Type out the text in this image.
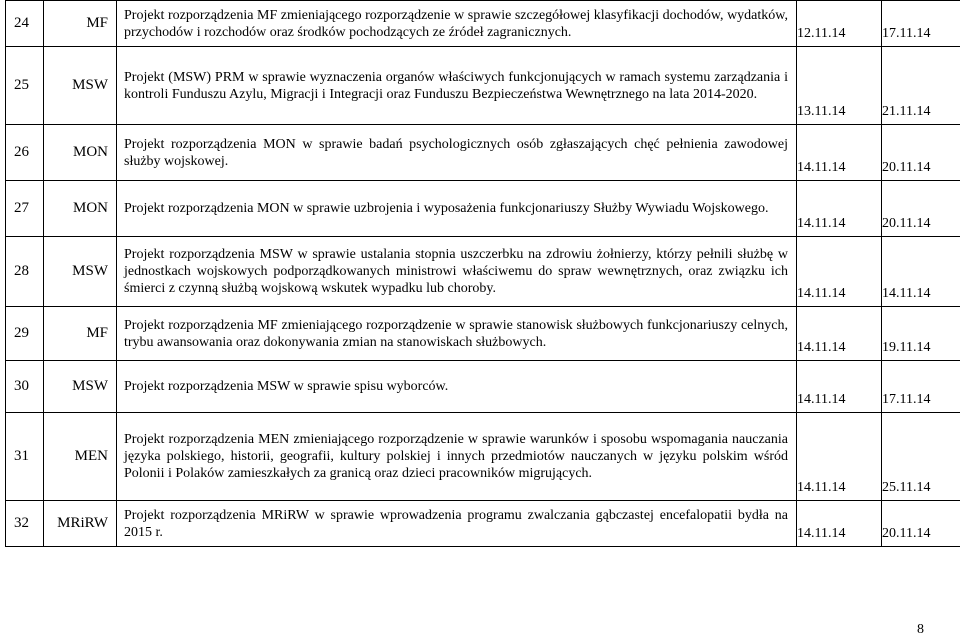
24	MF	Projekt rozporządzenia MF zmieniającego rozporządzenie w sprawie szczegółowej klasyfikacji dochodów, wydatków, przychodów i rozchodów oraz środków pochodzących ze źródeł zagranicznych.	12.11.14	17.11.14
25	MSW	Projekt (MSW) PRM w sprawie wyznaczenia organów właściwych funkcjonujących w ramach systemu zarządzania i kontroli Funduszu Azylu, Migracji i Integracji oraz Funduszu Bezpieczeństwa Wewnętrznego na lata 2014-2020.	13.11.14	21.11.14
26	MON	Projekt rozporządzenia MON w sprawie badań psychologicznych osób zgłaszających chęć pełnienia zawodowej służby wojskowej.	14.11.14	20.11.14
27	MON	Projekt rozporządzenia MON w sprawie uzbrojenia i wyposażenia funkcjonariuszy Służby Wywiadu Wojskowego.	14.11.14	20.11.14
28	MSW	Projekt rozporządzenia MSW w sprawie ustalania stopnia uszczerbku na zdrowiu żołnierzy, którzy pełnili służbę w jednostkach wojskowych podporządkowanych ministrowi właściwemu do spraw wewnętrznych, oraz związku ich śmierci z czynną służbą wojskową wskutek wypadku lub choroby.	14.11.14	14.11.14
29	MF	Projekt rozporządzenia MF zmieniającego rozporządzenie w sprawie stanowisk służbowych funkcjonariuszy celnych, trybu awansowania oraz dokonywania zmian na stanowiskach służbowych.	14.11.14	19.11.14
30	MSW	Projekt rozporządzenia MSW w sprawie spisu wyborców.	14.11.14	17.11.14
31	MEN	Projekt rozporządzenia MEN zmieniającego rozporządzenie w sprawie warunków i sposobu wspomagania nauczania języka polskiego, historii, geografii, kultury polskiej i innych przedmiotów nauczanych w języku polskim wśród Polonii i Polaków zamieszkałych za granicą oraz dzieci pracowników migrujących.	14.11.14	25.11.14
32	MRiRW	Projekt rozporządzenia MRiRW w sprawie wprowadzenia programu zwalczania gąbczastej encefalopatii bydła na 2015 r.	14.11.14	20.11.14
8
